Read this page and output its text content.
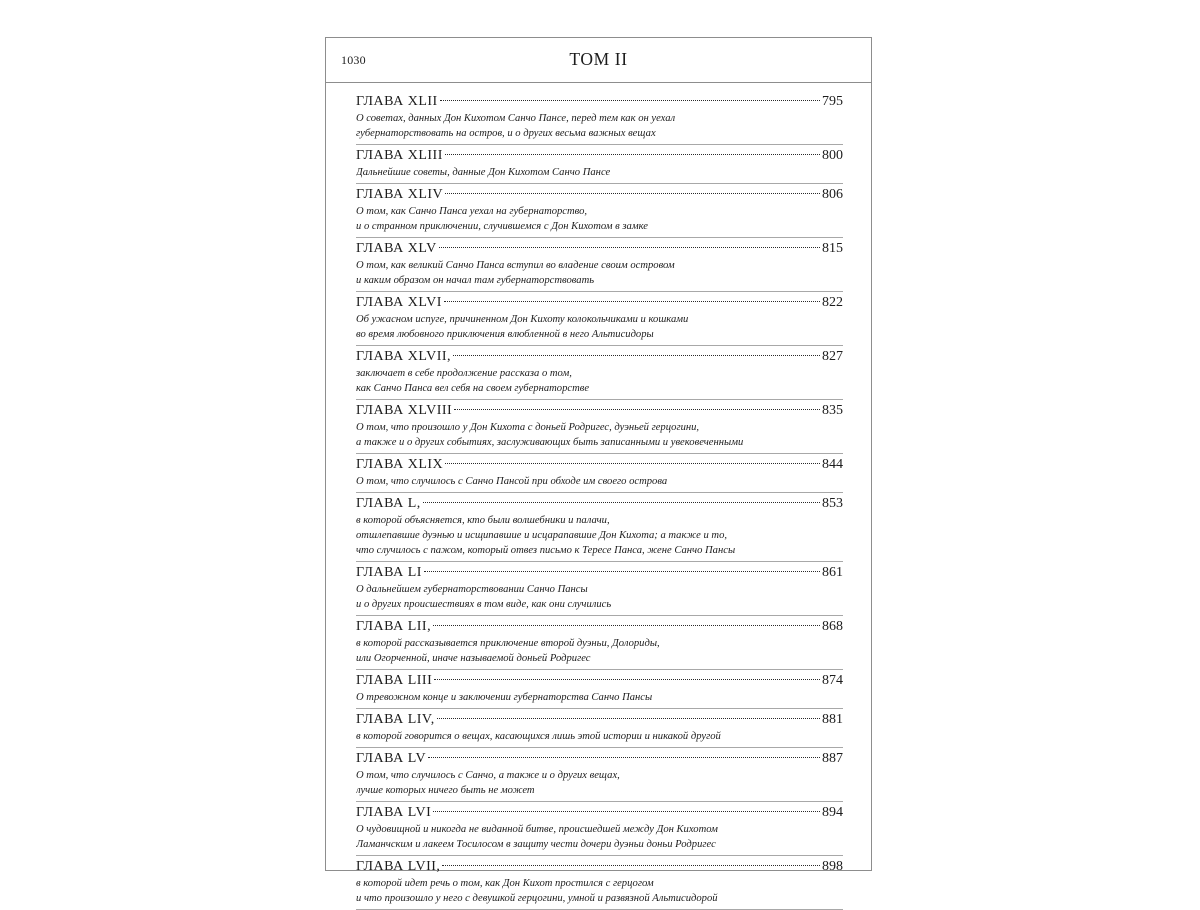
1030	ТОМ II
ГЛАВА XLII	795
О советах, данных Дон Кихотом Санчо Пансе, перед тем как он уехал
губернаторствовать на остров, и о других весьма важных вещах
ГЛАВА XLIII	800
Дальнейшие советы, данные Дон Кихотом Санчо Пансе
ГЛАВА XLIV	806
О том, как Санчо Панса уехал на губернаторство,
и о странном приключении, случившемся с Дон Кихотом в замке
ГЛАВА XLV	815
О том, как великий Санчо Панса вступил во владение своим островом
и каким образом он начал там губернаторствовать
ГЛАВА XLVI	822
Об ужасном испуге, причиненном Дон Кихоту колокольчиками и кошками
во время любовного приключения влюбленной в него Альтисидоры
ГЛАВА XLVII,	827
заключает в себе продолжение рассказа о том,
как Санчо Панса вел себя на своем губернаторстве
ГЛАВА XLVIII	835
О том, что произошло у Дон Кихота с доньей Родригес, дуэньей герцогини,
а также и о других событиях, заслуживающих быть записанными и увековеченными
ГЛАВА XLIX	844
О том, что случилось с Санчо Пансой при обходе им своего острова
ГЛАВА L,	853
в которой объясняется, кто были волшебники и палачи,
отшлепавшие дуэнью и исщипавшие и исцарапавшие Дон Кихота; а также и то,
что случилось с пажом, который отвез письмо к Тересе Панса, жене Санчо Пансы
ГЛАВА LI	861
О дальнейшем губернаторствовании Санчо Пансы
и о других происшествиях в том виде, как они случились
ГЛАВА LII,	868
в которой рассказывается приключение второй дуэньи, Долориды,
или Огорченной, иначе называемой доньей Родригес
ГЛАВА LIII	874
О тревожном конце и заключении губернаторства Санчо Пансы
ГЛАВА LIV,	881
в которой говорится о вещах, касающихся лишь этой истории и никакой другой
ГЛАВА LV	887
О том, что случилось с Санчо, а также и о других вещах,
лучше которых ничего быть не может
ГЛАВА LVI	894
О чудовищной и никогда не виданной битве, происшедшей между Дон Кихотом
Ламанчским и лакеем Тосилосом в защиту чести дочери дуэньи доньи Родригес
ГЛАВА LVII,	898
в которой идет речь о том, как Дон Кихот простился с герцогом
и что произошло у него с девушкой герцогини, умной и развязной Альтисидорой
